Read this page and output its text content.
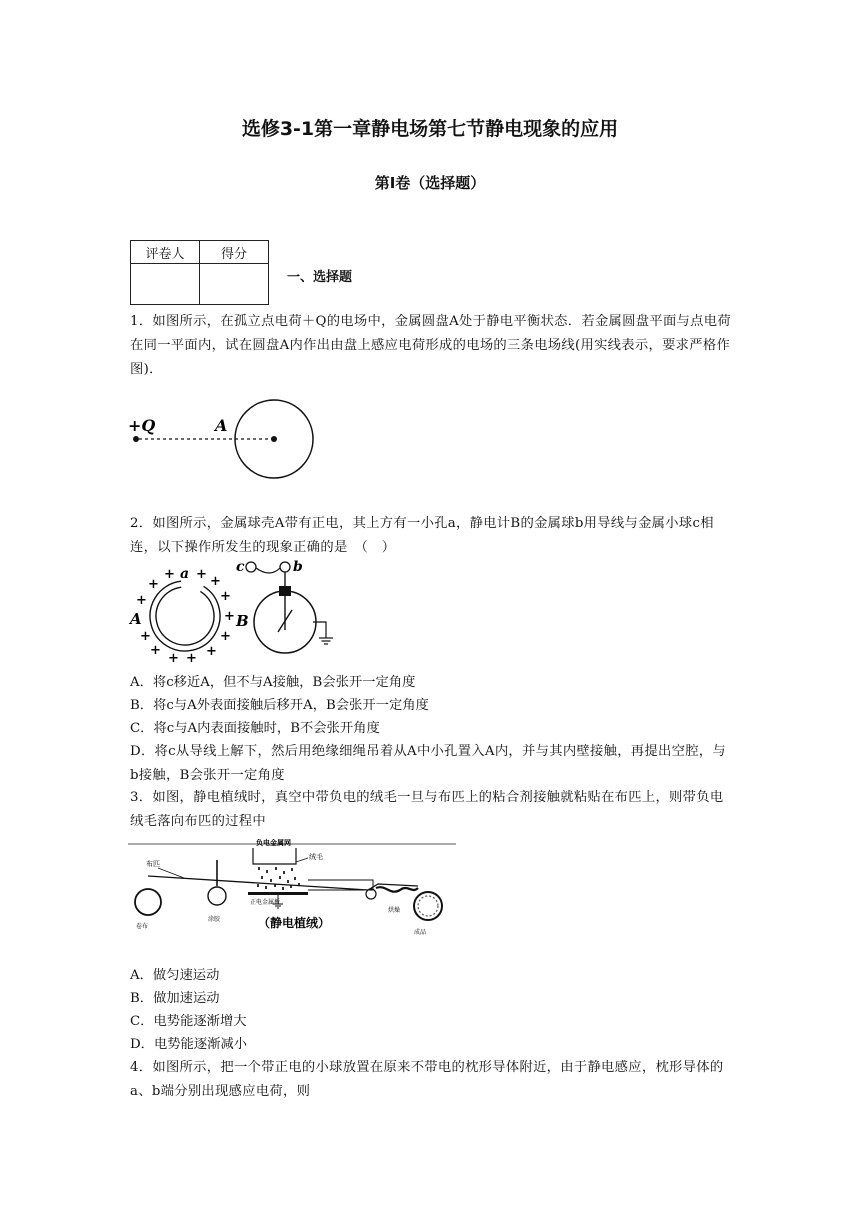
选修3-1第一章静电场第七节静电现象的应用
第Ⅰ卷（选择题）
评卷人	得分

一、选择题
1．如图所示，在孤立点电荷＋Q的电场中，金属圆盘A处于静电平衡状态．若金属圆盘平面与点电荷在同一平面内，试在圆盘A内作出由盘上感应电荷形成的电场的三条电场线(用实线表示，要求严格作图)．
+Q	A
2．如图所示，金属球壳A带有正电，其上方有一小孔a，静电计B的金属球b用导线与金属小球c相连，以下操作所发生的现象正确的是　（　）
a
A
+
+ + +
+
+
+
+
+
+
+
+
+
c	b
B
A．将c移近A，但不与A接触，B会张开一定角度
B．将c与A外表面接触后移开A，B会张开一定角度
C．将c与A内表面接触时，B不会张开角度
D．将c从导线上解下，然后用绝缘细绳吊着从A中小孔置入A内，并与其内壁接触，再提出空腔，与b接触，B会张开一定角度
3．如图，静电植绒时，真空中带负电的绒毛一旦与布匹上的粘合剂接触就粘贴在布匹上，则带负电绒毛落向布匹的过程中
负电金属网
绒毛
布匹
正电金属板
涂胶
卷布
烘燥
成品
（静电植绒）
A．做匀速运动
B．做加速运动
C．电势能逐渐增大
D．电势能逐渐减小
4．如图所示，把一个带正电的小球放置在原来不带电的枕形导体附近，由于静电感应，枕形导体的a、b端分别出现感应电荷，则
